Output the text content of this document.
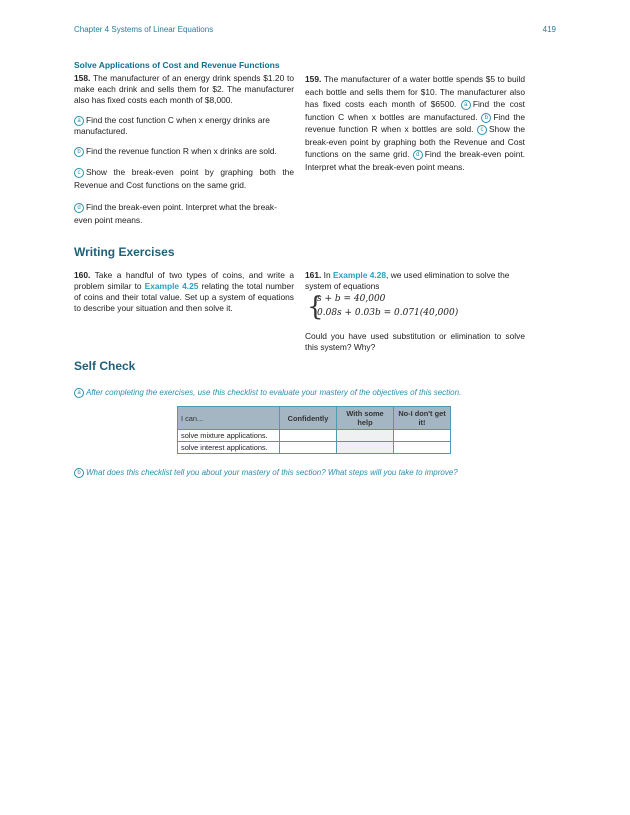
Chapter 4 Systems of Linear Equations	419
Solve Applications of Cost and Revenue Functions
158. The manufacturer of an energy drink spends $1.20 to make each drink and sells them for $2. The manufacturer also has fixed costs each month of $8,000.
a Find the cost function C when x energy drinks are manufactured.
b Find the revenue function R when x drinks are sold.
c Show the break-even point by graphing both the Revenue and Cost functions on the same grid.
d Find the break-even point. Interpret what the break-even point means.
159. The manufacturer of a water bottle spends $5 to build each bottle and sells them for $10. The manufacturer also has fixed costs each month of $6500. a Find the cost function C when x bottles are manufactured. b Find the revenue function R when x bottles are sold. c Show the break-even point by graphing both the Revenue and Cost functions on the same grid. d Find the break-even point. Interpret what the break-even point means.
Writing Exercises
160. Take a handful of two types of coins, and write a problem similar to Example 4.25 relating the total number of coins and their total value. Set up a system of equations to describe your situation and then solve it.
161. In Example 4.28, we used elimination to solve the system of equations
{
s + b = 40,000
0.08s + 0.03b = 0.071(40,000)
Could you have used substitution or elimination to solve this system? Why?
Self Check
a After completing the exercises, use this checklist to evaluate your mastery of the objectives of this section.
I can...	Confidently	With some help	No-I don't get it!
solve mixture applications.			
solve interest applications.			
b What does this checklist tell you about your mastery of this section? What steps will you take to improve?
